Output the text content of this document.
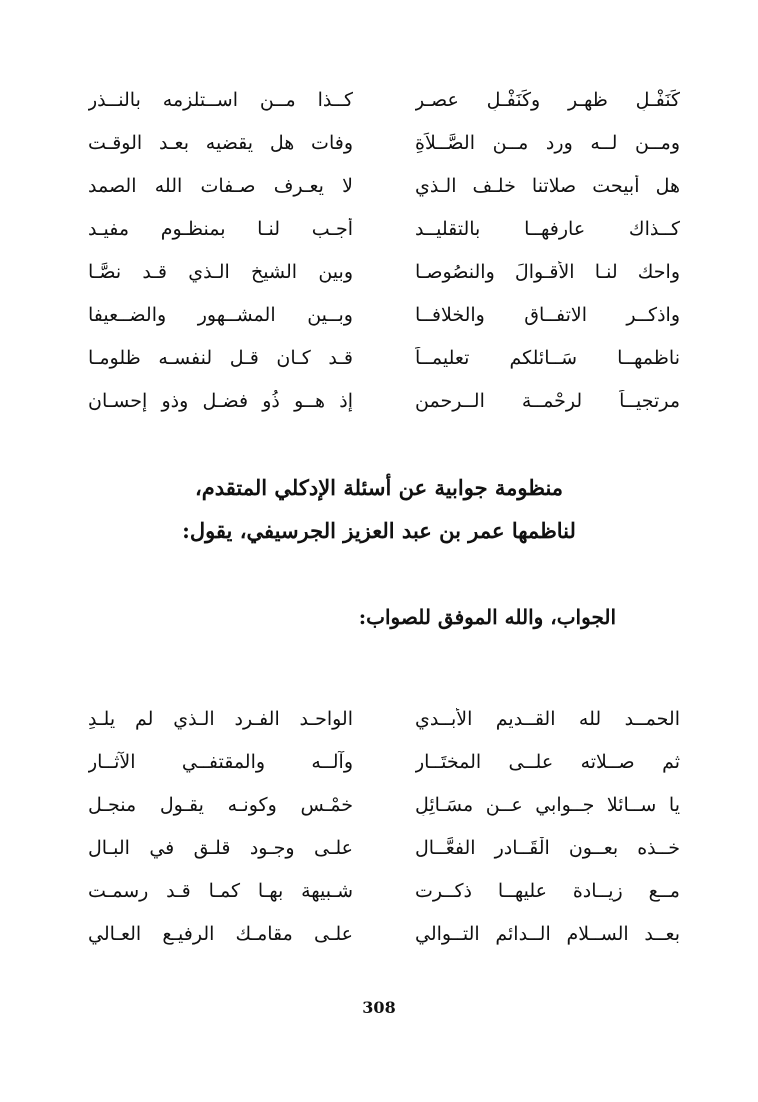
كَنَفْـلِ ظهـر وكَنَفْـلِ عصـر
كــذا مــن اســتلزمه بالنــذر
ومــن لــه ورد مــن الصَّــلاَةِ
وفات هل يقضيه بعـد الوقـت
هل أبيحت صلاتنا خلـف الـذي
لا يعـرف صـفات الله الصمد
كــذاك عارفهــا بالتقليــد
أجـب لنـا بمنظـوم مفيـد
واحك لنـا الأقـوالَ والنصُوصـا
وبين الشيخ الـذي قـد نصَّـا
واذكــر الاتفــاق والخلافــا
وبــين المشــهور والضــعيفا
ناظمهــا سَــائلكم تعليمــاً
قـد كـان قـل لنفسـه ظلومـا
مرتجيــاً لرحْمــة الــرحمن
إذ هــو ذُو فضـل وذو إحسـان
منظومة جوابية عن أسئلة الإدكلي المتقدم،
لناظمها عمر بن عبد العزيز الجرسيفي، يقول:
الجواب، والله الموفق للصواب:
الحمــد لله القــديم الأبــدي
الواحـد الفـرد الـذي لم يلـدِ
ثم صــلاته علــى المختَــار
وآلــه والمقتفــي الآثــار
يا ســائلا جــوابي عــن مسَـائِلِ
خمْـسٍ وكونـه يقـول منجـل
خــذه بعــون الْقَــادر الفعَّــال
علـى وجـود قلـق في البـال
مــع زيــادة عليهــا ذكــرت
شـبيهة بهـا كمـا قـد رسمـت
بعــد الســلام الــدائم التــوالي
علـى مقامـك الرفيـع العـالي
308
